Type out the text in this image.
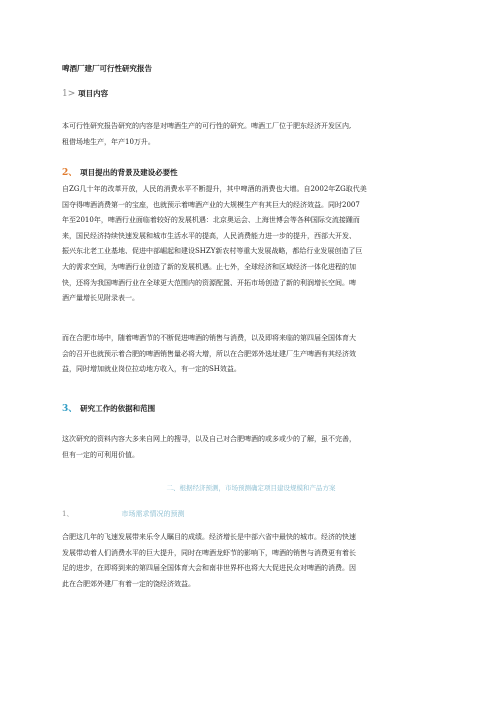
啤酒厂建厂可行性研究报告
1> 项目内容
本可行性研究报告研究的内容是对啤酒生产的可行性的研究。啤酒工厂位于肥东经济开发区内,
租借场地生产，年产10万升。
2、 项目提出的背景及建设必要性
自ZG几十年的改革开放，人民的消费水平不断提升，其中啤酒的消费也大增。自2002年ZG取代美
国夺得啤酒消费第一的宝座，也就预示着啤酒产业的大规模生产有其巨大的经济效益。同时2007
年至2010年，啤酒行业面临着较好的发展机遇：北京奥运会、上海世博会等各种国际交流接踵而
来，国民经济持续快速发展和城市生活水平的提高，人民消费能力进一步的提升，西部大开发、
振兴东北老工业基地、促进中部崛起和建设SHZY新农村等重大发展战略，都给行业发展创造了巨
大的需求空间，为啤酒行业创造了新的发展机遇。止七外，全球经济和区域经济一体化进程的加
快，还将为我国啤酒行业在全球更大范围内的资源配置、开拓市场创造了新的利润增长空间。啤
酒产量增长见附录表一。
二、根据经济预测，市场预测确定项目建设规模和产品方案
1、	市场需求情况的预测
合肥这几年的飞速发展带来乐令人瞩目的成绩。经济增长是中部六省中最快的城市。经济的快速
发展带动着人们消费水平的巨大提升，同时在啤酒龙虾节的影响下，啤酒的销售与消费更有着长
足的进步，在即将到来的第四届全国体育大会和南非世界杯也将大大促进民众对啤酒的消费。因
此在合肥郊外建厂有着一定的饶经济效益。
而在合肥市场中，随着啤酒节的不断促进啤酒的销售与消费，以及即将来临的第四届全国体育大
会的召开也就预示着合肥的啤酒销售量必将大增，所以在合肥郊外选址建厂生产啤酒有其经济效
益，同时增加就业岗位拉动地方收入，有一定的SH效益。
3、 研究工作的依据和范围
这次研究的资料内容大多来自网上的搜寻，以及自己对合肥啤酒的或多或少的了解，虽不完善，
但有一定的可利用价值。
